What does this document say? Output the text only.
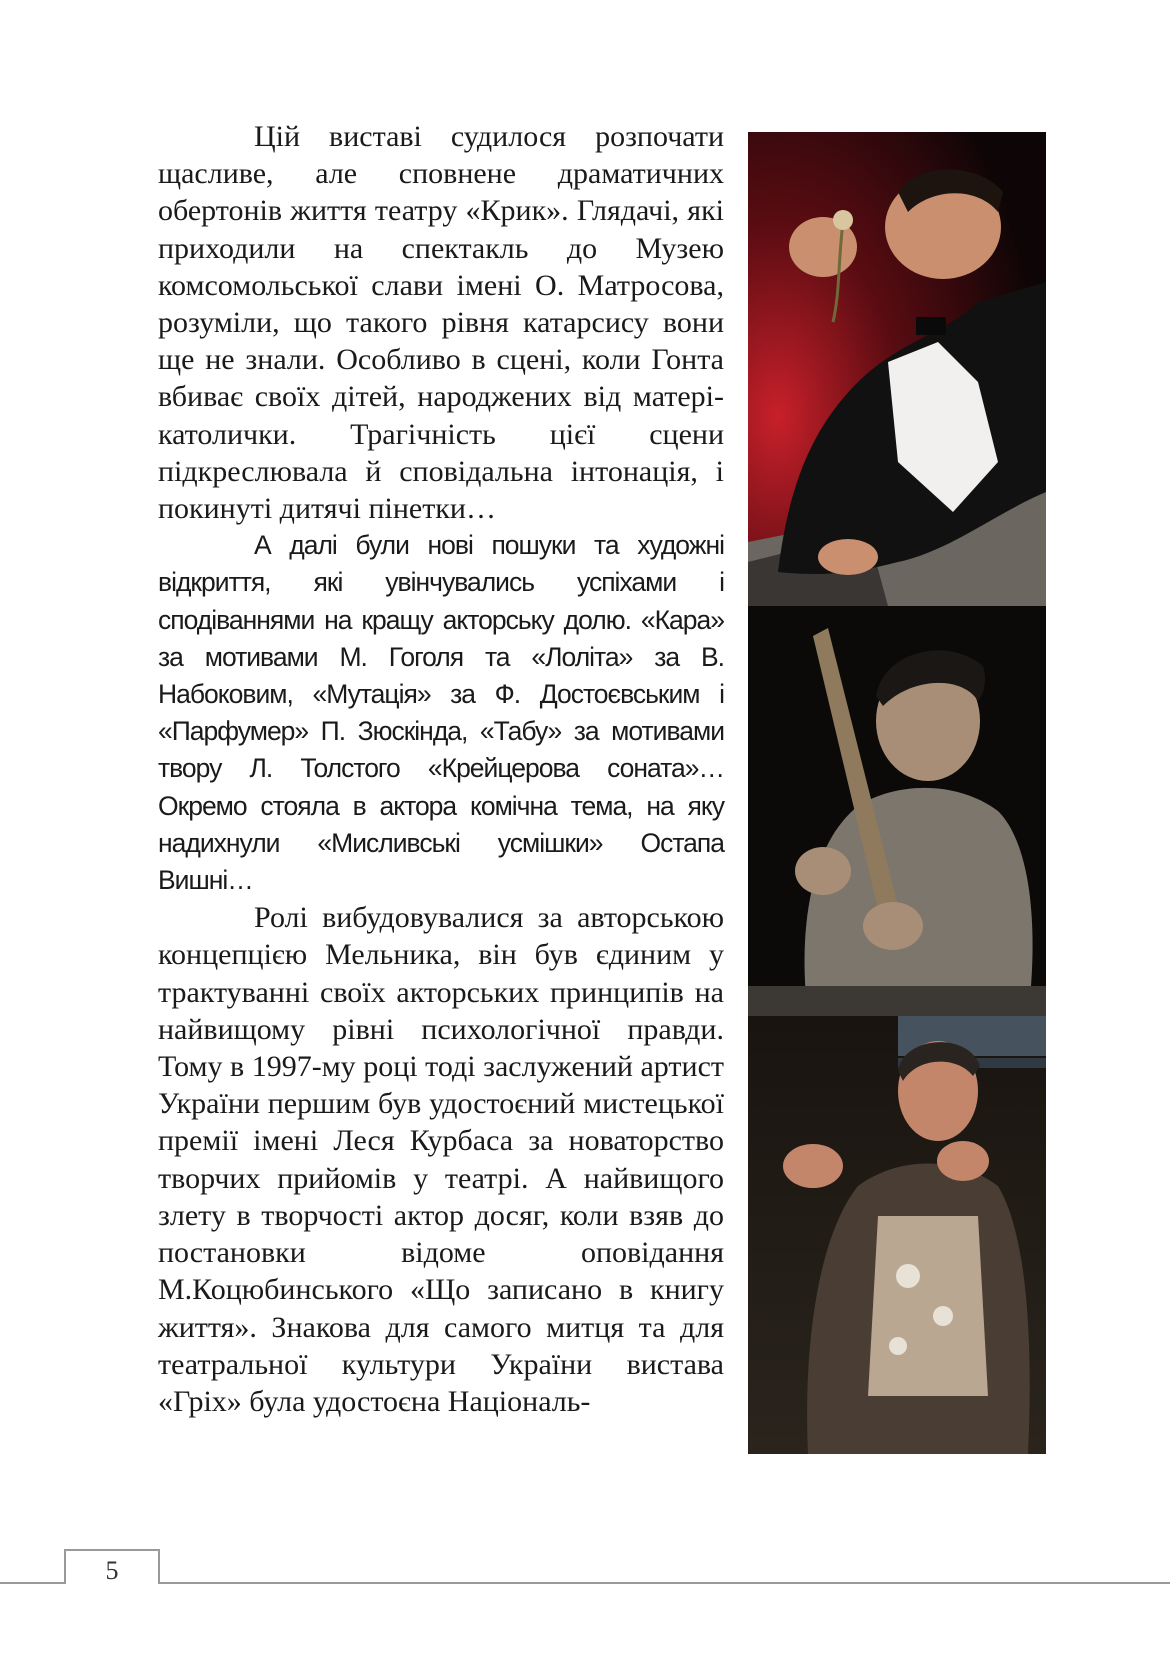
Цій виставі судилося розпочати щасливе, але сповнене драматичних обертонів життя театру «Крик». Глядачі, які приходили на спектакль до Музею комсомольської слави імені О. Матросова, розуміли, що такого рівня катарсису вони ще не знали. Особливо в сцені, коли Гонта вбиває своїх дітей, народжених від матері-католички. Трагічність цієї сцени підкреслювала й сповідальна інтонація, і покинуті дитячі пінетки…

А далі були нові пошуки та художні відкриття, які увінчувались успіхами і сподіваннями на кращу акторську долю. «Кара» за мотивами М. Гоголя та «Лоліта» за В. Набоковим, «Мутація» за Ф. Достоєвським і «Парфумер» П. Зюскінда, «Табу» за мотивами твору Л. Толстого «Крейцерова соната»… Окремо стояла в актора комічна тема, на яку надихнули «Мисливські усмішки» Остапа Вишні…

Ролі вибудовувалися за авторською концепцією Мельника, він був єдиним у трактуванні своїх акторських принципів на найвищому рівні психологічної правди. Тому в 1997-му році тоді заслужений артист України першим був удостоєний мистецької премії імені Леся Курбаса за новаторство творчих прийомів у театрі. А найвищого злету в творчості актор досяг, коли взяв до постановки відоме оповідання М.Коцюбинського «Що записано в книгу життя». Знакова для самого митця та для театральної культури України вистава «Гріх» була удостоєна Національ-

5
